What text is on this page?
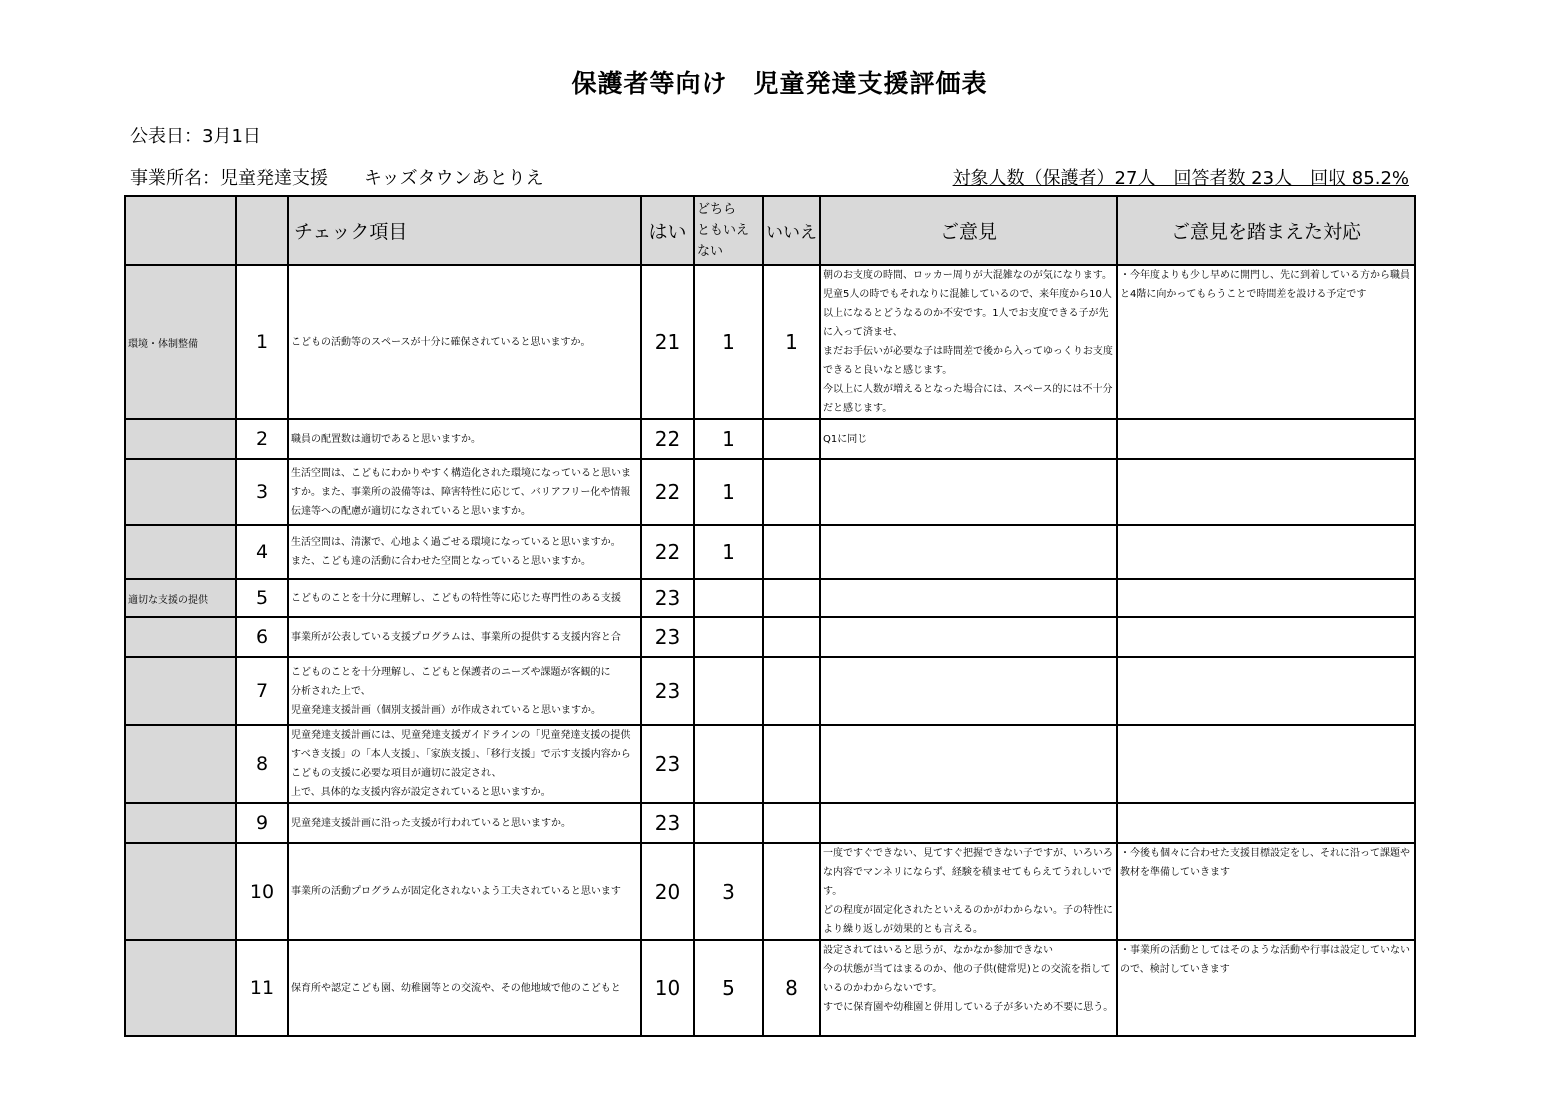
保護者等向け　児童発達支援評価表
公表日：3月1日
事業所名：児童発達支援 キッズタウンあとりえ	対象人数（保護者）27人　回答者数 23人　回収 85.2%
		チェック項目	はい	どちら
ともいえ
ない	いいえ	ご意見	ご意見を踏まえた対応
環境・体制整備	1	こどもの活動等のスペースが十分に確保されていると思いますか。	21	1	1	朝のお支度の時間、ロッカー周りが大混雑なのが気になります。児童5人の時でもそれなりに混雑しているので、来年度から10人以上になるとどうなるのか不安です。1人でお支度できる子が先に入って済ませ、
まだお手伝いが必要な子は時間差で後から入ってゆっくりお支度できると良いなと感じます。
今以上に人数が増えるとなった場合には、スペース的には不十分だと感じます。	・今年度よりも少し早めに開門し、先に到着している方から職員と4階に向かってもらうことで時間差を設ける予定です
	2	職員の配置数は適切であると思いますか。	22	1		Q1に同じ	
	3	生活空間は、こどもにわかりやすく構造化された環境になっていると思いますか。また、事業所の設備等は、障害特性に応じて、バリアフリー化や情報伝達等への配慮が適切になされていると思いますか。	22	1			
	4	生活空間は、清潔で、心地よく過ごせる環境になっていると思いますか。
また、こども達の活動に合わせた空間となっていると思いますか。	22	1			
適切な支援の提供	5	こどものことを十分に理解し、こどもの特性等に応じた専門性のある支援	23				
	6	事業所が公表している支援プログラムは、事業所の提供する支援内容と合	23				
	7	こどものことを十分理解し、こどもと保護者のニーズや課題が客観的に
分析された上で、
児童発達支援計画（個別支援計画）が作成されていると思いますか。	23				
	8	児童発達支援計画には、児童発達支援ガイドラインの「児童発達支援の提供すべき支援」の「本人支援」、「家族支援」、「移行支援」で示す支援内容からこどもの支援に必要な項目が適切に設定され、
上で、具体的な支援内容が設定されていると思いますか。	23				
	9	児童発達支援計画に沿った支援が行われていると思いますか。	23				
	10	事業所の活動プログラムが固定化されないよう工夫されていると思います	20	3		一度ですぐできない、見てすぐ把握できない子ですが、いろいろな内容でマンネリにならず、経験を積ませてもらえてうれしいです。
どの程度が固定化されたといえるのかがわからない。子の特性により繰り返しが効果的とも言える。	・今後も個々に合わせた支援目標設定をし、それに沿って課題や教材を準備していきます
	11	保育所や認定こども園、幼稚園等との交流や、その他地域で他のこどもと	10	5	8	設定されてはいると思うが、なかなか参加できない
今の状態が当てはまるのか、他の子供(健常児)との交流を指しているのかわからないです。
すでに保育園や幼稚園と併用している子が多いため不要に思う。	・事業所の活動としてはそのような活動や行事は設定していないので、検討していきます
